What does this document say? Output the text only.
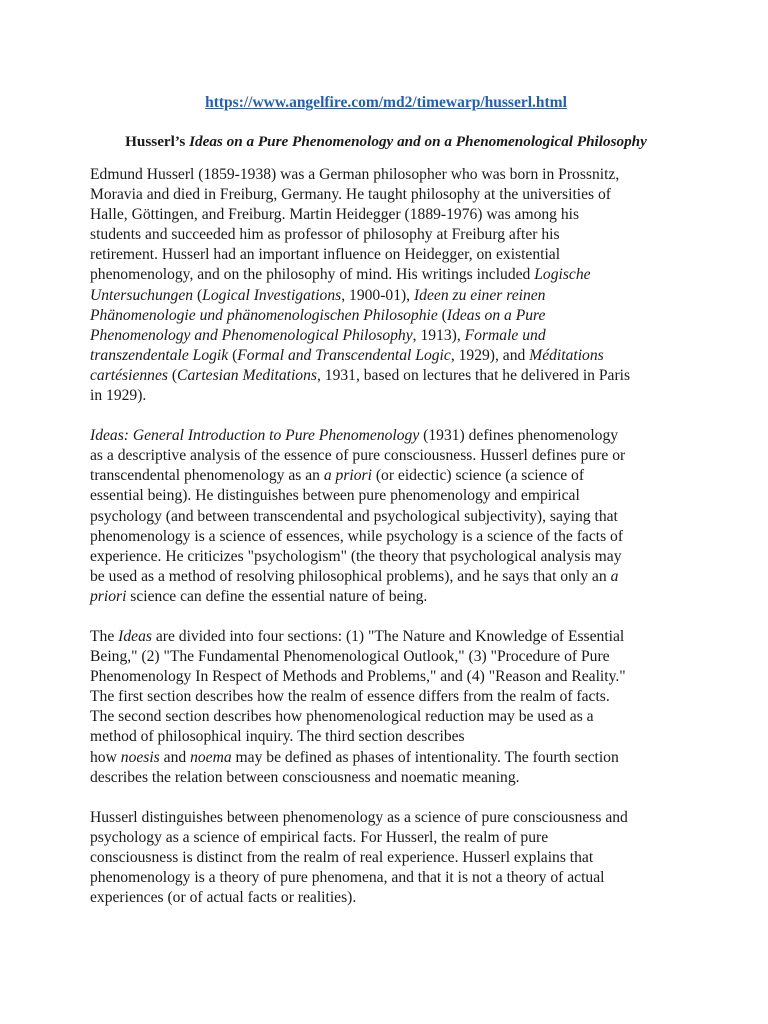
https://www.angelfire.com/md2/timewarp/husserl.html
Husserl’s Ideas on a Pure Phenomenology and on a Phenomenological Philosophy

Edmund Husserl (1859-1938) was a German philosopher who was born in Prossnitz,
Moravia and died in Freiburg, Germany. He taught philosophy at the universities of
Halle, Göttingen, and Freiburg. Martin Heidegger (1889-1976) was among his
students and succeeded him as professor of philosophy at Freiburg after his
retirement. Husserl had an important influence on Heidegger, on existential
phenomenology, and on the philosophy of mind. His writings included Logische
Untersuchungen (Logical Investigations, 1900-01), Ideen zu einer reinen
Phänomenologie und phänomenologischen Philosophie (Ideas on a Pure
Phenomenology and Phenomenological Philosophy, 1913), Formale und
transzendentale Logik (Formal and Transcendental Logic, 1929), and Méditations
cartésiennes (Cartesian Meditations, 1931, based on lectures that he delivered in Paris
in 1929).

Ideas: General Introduction to Pure Phenomenology (1931) defines phenomenology
as a descriptive analysis of the essence of pure consciousness. Husserl defines pure or
transcendental phenomenology as an a priori (or eidectic) science (a science of
essential being). He distinguishes between pure phenomenology and empirical
psychology (and between transcendental and psychological subjectivity), saying that
phenomenology is a science of essences, while psychology is a science of the facts of
experience. He criticizes "psychologism" (the theory that psychological analysis may
be used as a method of resolving philosophical problems), and he says that only an a
priori science can define the essential nature of being.

The Ideas are divided into four sections: (1) "The Nature and Knowledge of Essential
Being," (2) "The Fundamental Phenomenological Outlook," (3) "Procedure of Pure
Phenomenology In Respect of Methods and Problems," and (4) "Reason and Reality."
The first section describes how the realm of essence differs from the realm of facts.
The second section describes how phenomenological reduction may be used as a
method of philosophical inquiry. The third section describes
how noesis and noema may be defined as phases of intentionality. The fourth section
describes the relation between consciousness and noematic meaning.

Husserl distinguishes between phenomenology as a science of pure consciousness and
psychology as a science of empirical facts. For Husserl, the realm of pure
consciousness is distinct from the realm of real experience. Husserl explains that
phenomenology is a theory of pure phenomena, and that it is not a theory of actual
experiences (or of actual facts or realities).
